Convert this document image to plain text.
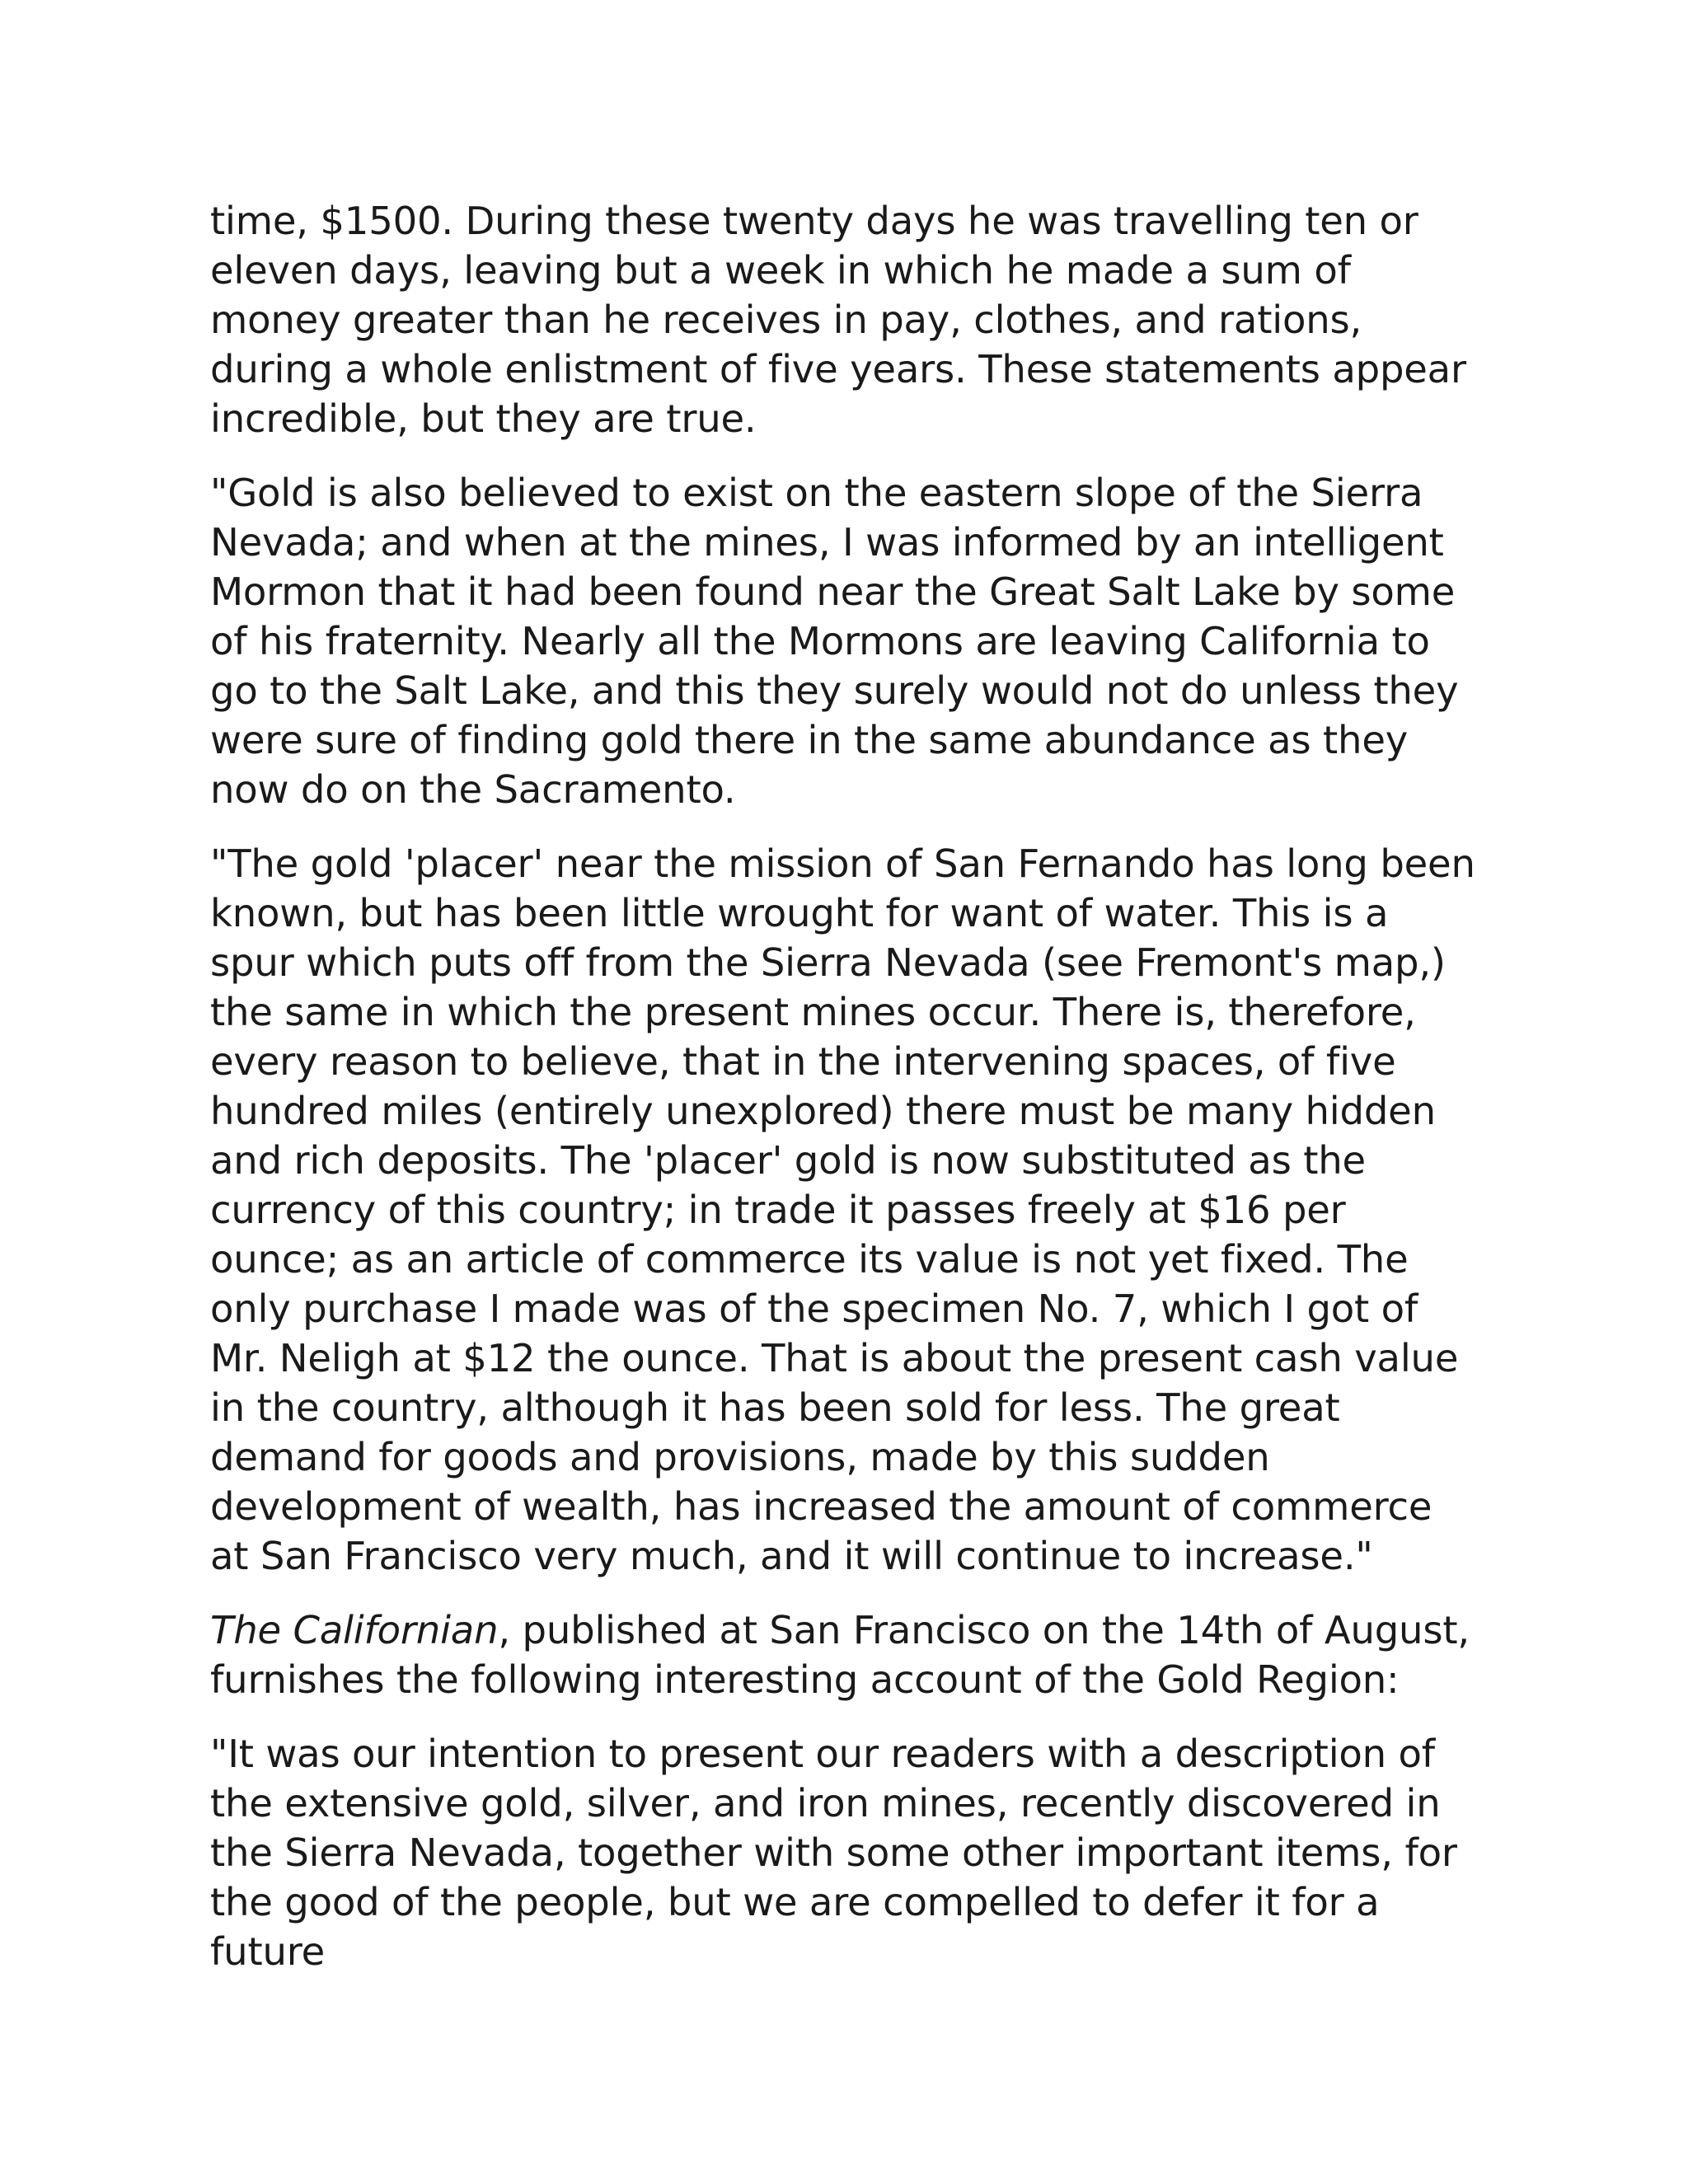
time, $1500. During these twenty days he was travelling ten or eleven days, leaving but a week in which he made a sum of money greater than he receives in pay, clothes, and rations, during a whole enlistment of five years. These statements appear incredible, but they are true.

"Gold is also believed to exist on the eastern slope of the Sierra Nevada; and when at the mines, I was informed by an intelligent Mormon that it had been found near the Great Salt Lake by some of his fraternity. Nearly all the Mormons are leaving California to go to the Salt Lake, and this they surely would not do unless they were sure of finding gold there in the same abundance as they now do on the Sacramento.

"The gold 'placer' near the mission of San Fernando has long been known, but has been little wrought for want of water. This is a spur which puts off from the Sierra Nevada (see Fremont's map,) the same in which the present mines occur. There is, therefore, every reason to believe, that in the intervening spaces, of five hundred miles (entirely unexplored) there must be many hidden and rich deposits. The 'placer' gold is now substituted as the currency of this country; in trade it passes freely at $16 per ounce; as an article of commerce its value is not yet fixed. The only purchase I made was of the specimen No. 7, which I got of Mr. Neligh at $12 the ounce. That is about the present cash value in the country, although it has been sold for less. The great demand for goods and provisions, made by this sudden development of wealth, has increased the amount of commerce at San Francisco very much, and it will continue to increase."

The Californian, published at San Francisco on the 14th of August, furnishes the following interesting account of the Gold Region:

"It was our intention to present our readers with a description of the extensive gold, silver, and iron mines, recently discovered in the Sierra Nevada, together with some other important items, for the good of the people, but we are compelled to defer it for a future
